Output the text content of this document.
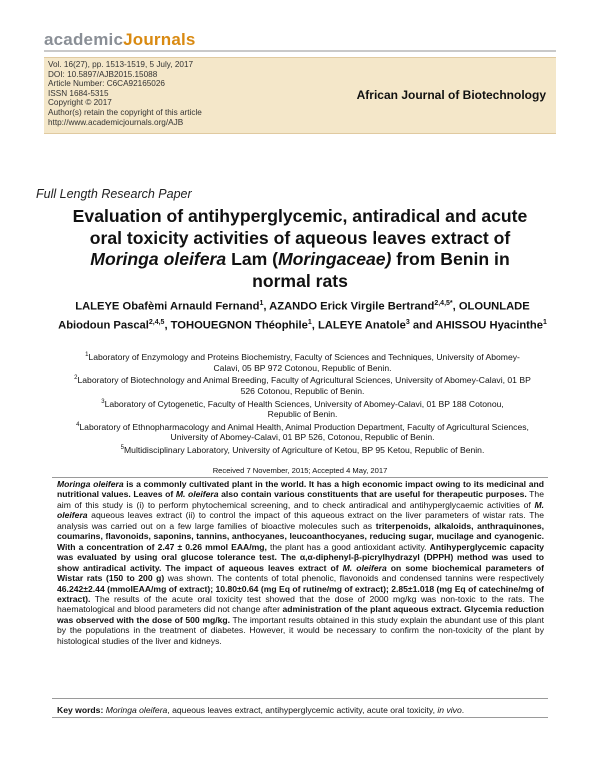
academicJournals
Vol. 16(27), pp. 1513-1519, 5 July, 2017
DOI: 10.5897/AJB2015.15088
Article Number: C6CA92165026
ISSN 1684-5315
Copyright © 2017
Author(s) retain the copyright of this article
http://www.academicjournals.org/AJB
African Journal of Biotechnology
Full Length Research Paper
Evaluation of antihyperglycemic, antiradical and acute
oral toxicity activities of aqueous leaves extract of
Moringa oleifera Lam (Moringaceae) from Benin in
normal rats
LALEYE Obafèmi Arnauld Fernand$^1$, AZANDO Erick Virgile Bertrand$^{2,4,5*}$, OLOUNLADE
Abiodoun Pascal$^{2,4,5}$, TOHOUEGNON Théophile$^1$, LALEYE Anatole$^3$ and AHISSOU Hyacinthe$^1$
$^1$Laboratory of Enzymology and Proteins Biochemistry, Faculty of Sciences and Techniques, University of Abomey-
Calavi, 05 BP 972 Cotonou, Republic of Benin.
$^2$Laboratory of Biotechnology and Animal Breeding, Faculty of Agricultural Sciences, University of Abomey-Calavi, 01 BP
526 Cotonou, Republic of Benin.
$^3$Laboratory of Cytogenetic, Faculty of Health Sciences, University of Abomey-Calavi, 01 BP 188 Cotonou,
Republic of Benin.
$^4$Laboratory of Ethnopharmacology and Animal Health, Animal Production Department, Faculty of Agricultural Sciences,
University of Abomey-Calavi, 01 BP 526, Cotonou, Republic of Benin.
$^5$Multidisciplinary Laboratory, University of Agriculture of Ketou, BP 95 Ketou, Republic of Benin.
Received 7 November, 2015; Accepted 4 May, 2017
Moringa oleifera is a commonly cultivated plant in the world. It has a high economic impact owing to its medicinal and nutritional values. Leaves of M. oleifera also contain various constituents that are useful for therapeutic purposes. The aim of this study is (i) to perform phytochemical screening, and to check antiradical and antihyperglycaemic activities of M. oleifera aqueous leaves extract (ii) to control the impact of this aqueous extract on the liver parameters of wistar rats. The analysis was carried out on a few large families of bioactive molecules such as triterpenoids, alkaloids, anthraquinones, coumarins, flavonoids, saponins, tannins, anthocyanes, leucoanthocyanes, reducing sugar, mucilage and cyanogenic. With a concentration of 2.47 ± 0.26 mmol EAA/mg, the plant has a good antioxidant activity. Antihyperglycemic capacity was evaluated by using oral glucose tolerance test. The α,α-diphenyl-β-picrylhydrazyl (DPPH) method was used to show antiradical activity. The impact of aqueous leaves extract of M. oleifera on some biochemical parameters of Wistar rats (150 to 200 g) was shown. The contents of total phenolic, flavonoids and condensed tannins were respectively 46.242±2.44 (mmolEAA/mg of extract); 10.80±0.64 (mg Eq of rutine/mg of extract); 2.85±1.018 (mg Eq of catechine/mg of extract). The results of the acute oral toxicity test showed that the dose of 2000 mg/kg was non-toxic to the rats. The haematological and blood parameters did not change after administration of the plant aqueous extract. Glycemia reduction was observed with the dose of 500 mg/kg. The important results obtained in this study explain the abundant use of this plant by the populations in the treatment of diabetes. However, it would be necessary to confirm the non-toxicity of the plant by histological studies of the liver and kidneys.
Key words: Moringa oleifera, aqueous leaves extract, antihyperglycemic activity, acute oral toxicity, in vivo.
